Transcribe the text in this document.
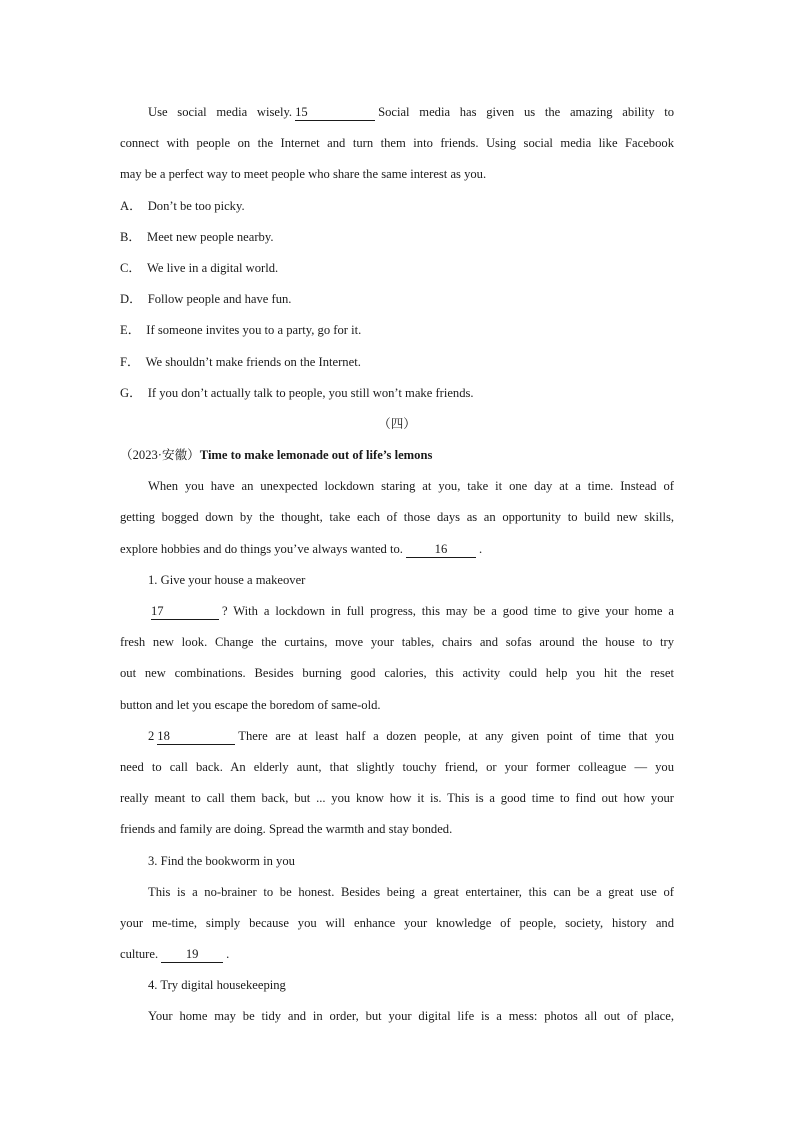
Use social media wisely. 15	Social media has given us the amazing ability to
connect with people on the Internet and turn them into friends. Using social media like Facebook
may be a perfect way to meet people who share the same interest as you.
A． Don’t be too picky.
B． Meet new people nearby.
C． We live in a digital world.
D． Follow people and have fun.
E． If someone invites you to a party, go for it.
F． We shouldn’t make friends on the Internet.
G． If you don’t actually talk to people, you still won’t make friends.
（四）
（2023·安徽）Time to make lemonade out of life’s lemons
When you have an unexpected lockdown staring at you, take it one day at a time. Instead of
getting bogged down by the thought, take each of those days as an opportunity to build new skills,
explore hobbies and do things you’ve always wanted to.	16	.
1. Give your house a makeover
17	? With a lockdown in full progress, this may be a good time to give your home a
fresh new look. Change the curtains, move your tables, chairs and sofas around the house to try
out new combinations. Besides burning good calories, this activity could help you hit the reset
button and let you escape the boredom of same-old.
2 18	There are at least half a dozen people, at any given point of time that you
need to call back. An elderly aunt, that slightly touchy friend, or your former colleague — you
really meant to call them back, but ... you know how it is. This is a good time to find out how your
friends and family are doing. Spread the warmth and stay bonded.
3. Find the bookworm in you
This is a no-brainer to be honest. Besides being a great entertainer, this can be a great use of
your me-time, simply because you will enhance your knowledge of people, society, history and
culture. 19 .
4. Try digital housekeeping
Your home may be tidy and in order, but your digital life is a mess: photos all out of place,
